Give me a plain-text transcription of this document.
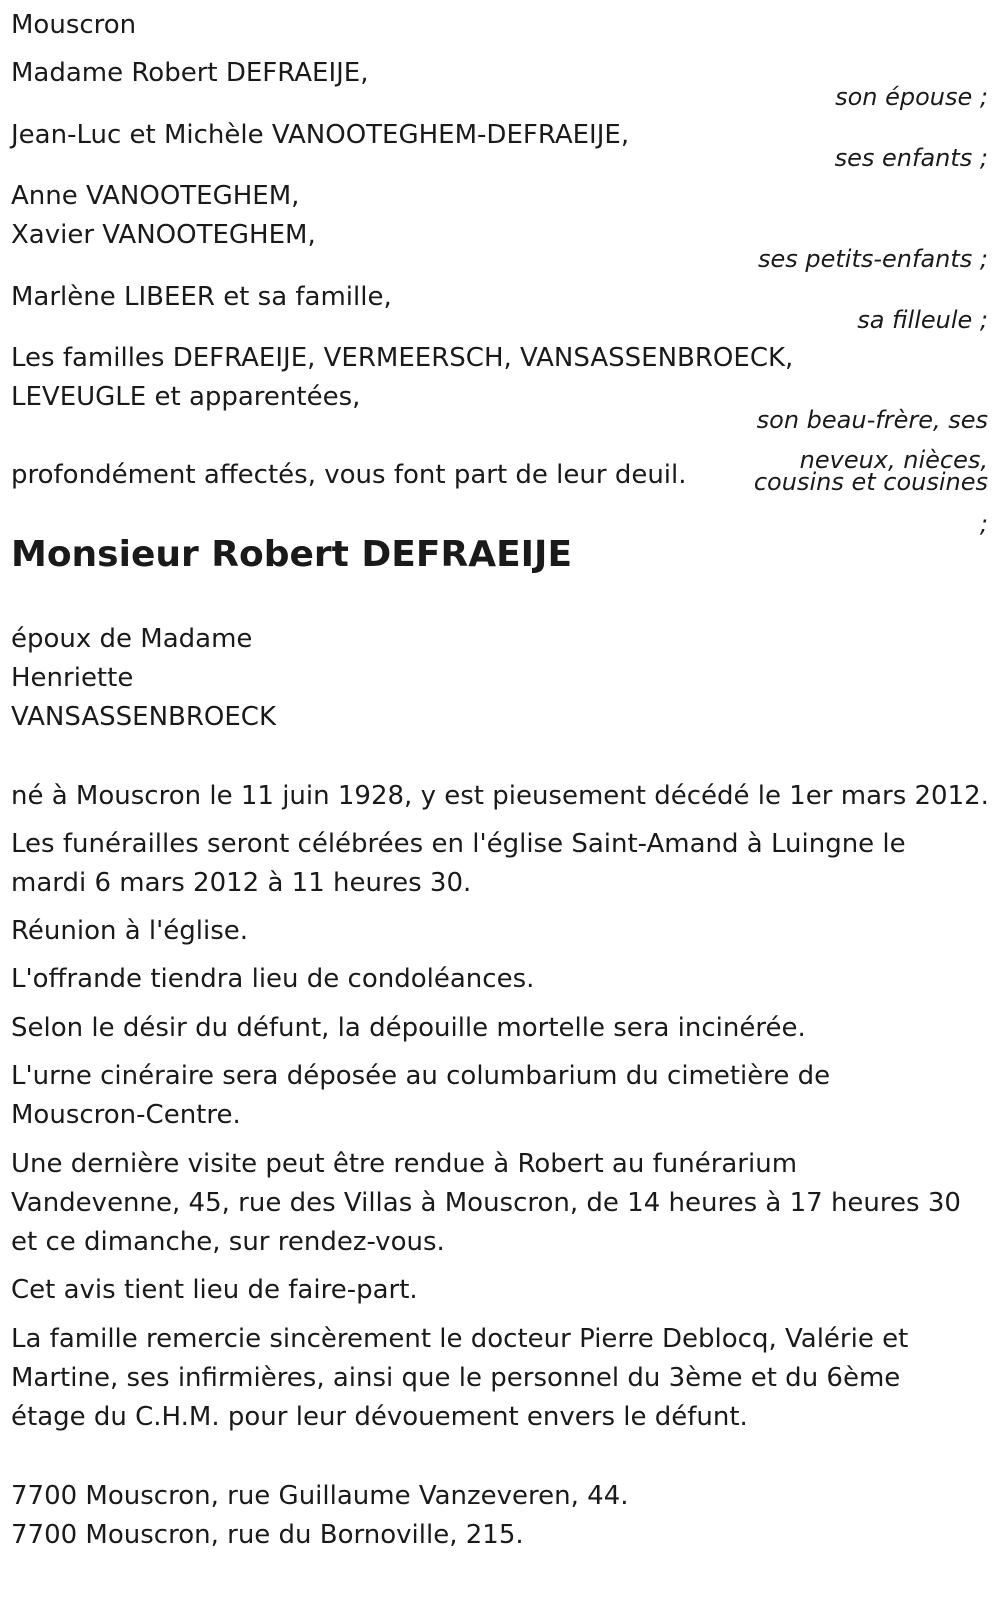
Mouscron

Madame Robert DEFRAEIJE,

son épouse ;

Jean-Luc et Michèle VANOOTEGHEM-DEFRAEIJE,

ses enfants ;

Anne VANOOTEGHEM,

Xavier VANOOTEGHEM,

ses petits-enfants ;

Marlène LIBEER et sa famille,

sa filleule ;

Les familles DEFRAEIJE, VERMEERSCH, VANSASSENBROECK,

LEVEUGLE et apparentées,

son beau-frère, ses

neveux, nièces,

cousins et cousines

;

profondément affectés, vous font part de leur deuil.

Monsieur Robert DEFRAEIJE

époux de Madame

Henriette

VANSASSENBROECK

né à Mouscron le 11 juin 1928, y est pieusement décédé le 1er mars 2012.

Les funérailles seront célébrées en l'église Saint-Amand à Luingne le

mardi 6 mars 2012 à 11 heures 30.

Réunion à l'église.

L'offrande tiendra lieu de condoléances.

Selon le désir du défunt, la dépouille mortelle sera incinérée.

L'urne cinéraire sera déposée au columbarium du cimetière de

Mouscron-Centre.

Une dernière visite peut être rendue à Robert au funérarium

Vandevenne, 45, rue des Villas à Mouscron, de 14 heures à 17 heures 30

et ce dimanche, sur rendez-vous.

Cet avis tient lieu de faire-part.

La famille remercie sincèrement le docteur Pierre Deblocq, Valérie et

Martine, ses infirmières, ainsi que le personnel du 3ème et du 6ème

étage du C.H.M. pour leur dévouement envers le défunt.

7700 Mouscron, rue Guillaume Vanzeveren, 44.

7700 Mouscron, rue du Bornoville, 215.
